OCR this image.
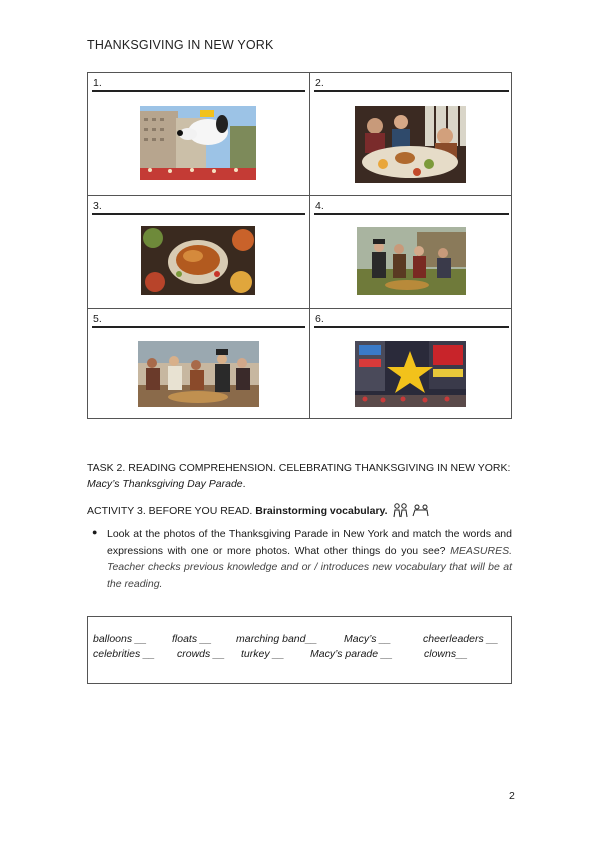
THANKSGIVING IN NEW YORK
1.	2.
3.	4.
5.	6.
TASK 2. READING COMPREHENSION. CELEBRATING THANKSGIVING IN NEW YORK:
Macy’s Thanksgiving Day Parade.
ACTIVITY 3. BEFORE YOU READ. Brainstorming vocabulary.
● Look at the photos of the Thanksgiving Parade in New York and match the words and expressions with one or more photos. What other things do you see? MEASURES. Teacher checks previous knowledge and or / introduces new vocabulary that will be at the reading.
balloons __ floats __ marching band__	Macy’s __	cheerleaders __
celebrities __ crowds __ turkey __ Macy’s parade __	clowns__
2
